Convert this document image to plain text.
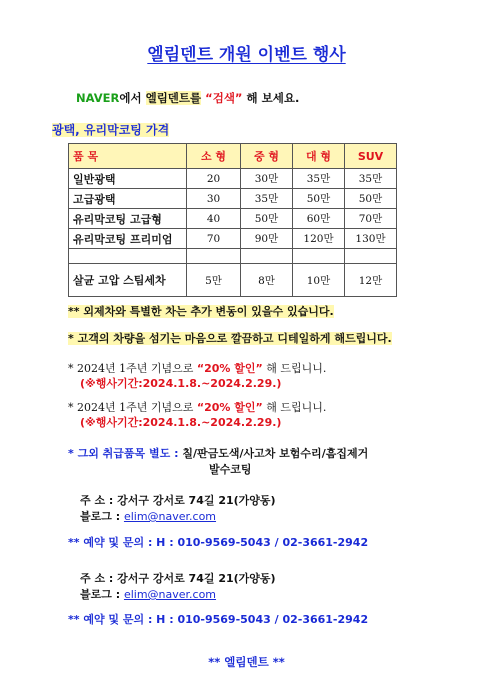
엘림덴트 개원 이벤트 행사
NAVER에서 엘림덴트를 “검색” 해 보세요.
광택, 유리막코팅 가격
품 목	소 형	중 형	대 형	SUV
일반광택	20	30만	35만	35만
고급광택	30	35만	50만	50만
유리막코팅 고급형	40	50만	60만	70만
유리막코팅 프리미엄	70	90만	120만	130만

살균 고압 스팀세차	5만	8만	10만	12만
** 외제차와 특별한 차는 추가 변동이 있을수 있습니다.
* 고객의 차량을 섬기는 마음으로 깔끔하고 디테일하게 해드립니다.
* 2024년 1주년 기념으로 “20% 할인” 해 드립니니.
(※행사기간:2024.1.8.~2024.2.29.)
* 2024년 1주년 기념으로 “20% 할인” 해 드립니니.
(※행사기간:2024.1.8.~2024.2.29.)
* 그외 취급품목 별도 : 칠/판금도색/사고차 보험수리/흠집제거
발수코팅
주 소 : 강서구 강서로 74길 21(가양동)
블로그 : elim@naver.com
** 예약 및 문의 : H : 010-9569-5043 / 02-3661-2942
주 소 : 강서구 강서로 74길 21(가양동)
블로그 : elim@naver.com
** 예약 및 문의 : H : 010-9569-5043 / 02-3661-2942
** 엘림덴트 **
